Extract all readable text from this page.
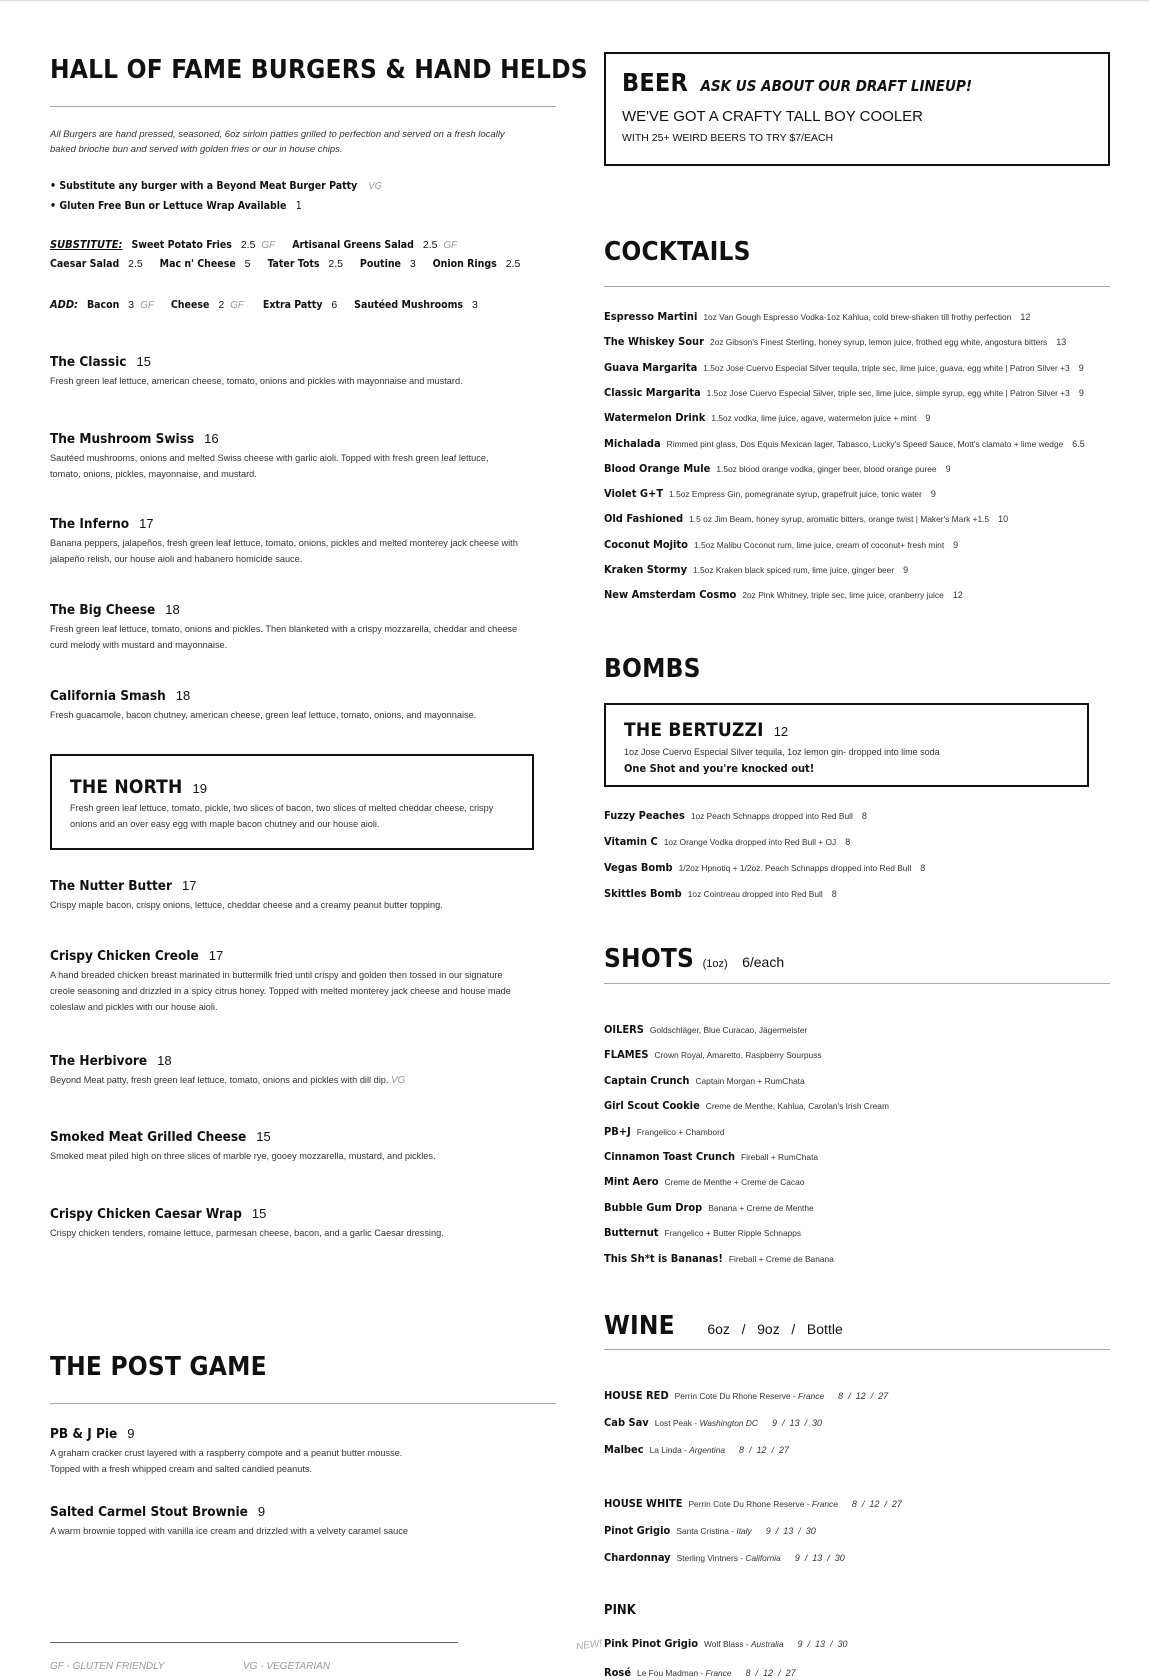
HALL OF FAME BURGERS & HAND HELDS
All Burgers are hand pressed, seasoned, 6oz sirloin patties grilled to perfection and served on a fresh locally baked brioche bun and served with golden fries or our in house chips.
• Substitute any burger with a Beyond Meat Burger Patty VG
• Gluten Free Bun or Lettuce Wrap Available 1
SUBSTITUTE: Sweet Potato Fries 2.5 GF Artisanal Greens Salad 2.5 GF
Caesar Salad 2.5 Mac n' Cheese 5 Tater Tots 2.5 Poutine 3 Onion Rings 2.5
ADD: Bacon 3 GF Cheese 2 GF Extra Patty 6 Sautéed Mushrooms 3
The Classic 15
Fresh green leaf lettuce, american cheese, tomato, onions and pickles with mayonnaise and mustard.
The Mushroom Swiss 16
Sautéed mushrooms, onions and melted Swiss cheese with garlic aioli. Topped with fresh green leaf lettuce, tomato, onions, pickles, mayonnaise, and mustard.
The Inferno 17
Banana peppers, jalapeños, fresh green leaf lettuce, tomato, onions, pickles and melted monterey jack cheese with jalapeño relish, our house aioli and habanero homicide sauce.
The Big Cheese 18
Fresh green leaf lettuce, tomato, onions and pickles. Then blanketed with a crispy mozzarella, cheddar and cheese curd melody with mustard and mayonnaise.
California Smash 18
Fresh guacamole, bacon chutney, american cheese, green leaf lettuce, tomato, onions, and mayonnaise.
THE NORTH 19
Fresh green leaf lettuce, tomato, pickle, two slices of bacon, two slices of melted cheddar cheese, crispy onions and an over easy egg with maple bacon chutney and our house aioli.
The Nutter Butter 17
Crispy maple bacon, crispy onions, lettuce, cheddar cheese and a creamy peanut butter topping.
Crispy Chicken Creole 17
A hand breaded chicken breast marinated in buttermilk fried until crispy and golden then tossed in our signature creole seasoning and drizzled in a spicy citrus honey. Topped with melted monterey jack cheese and house made coleslaw and pickles with our house aioli.
The Herbivore 18
Beyond Meat patty, fresh green leaf lettuce, tomato, onions and pickles with dill dip. VG
Smoked Meat Grilled Cheese 15
Smoked meat piled high on three slices of marble rye, gooey mozzarella, mustard, and pickles.
Crispy Chicken Caesar Wrap 15
Crispy chicken tenders, romaine lettuce, parmesan cheese, bacon, and a garlic Caesar dressing.
THE POST GAME
PB & J Pie 9
A graham cracker crust layered with a raspberry compote and a peanut butter mousse.
Topped with a fresh whipped cream and salted candied peanuts.
Salted Carmel Stout Brownie 9
A warm brownie topped with vanilla ice cream and drizzled with a velvety caramel sauce
GF - GLUTEN FRIENDLY	VG - VEGETARIAN
BEER ASK US ABOUT OUR DRAFT LINEUP!
WE'VE GOT A CRAFTY TALL BOY COOLER
WITH 25+ WEIRD BEERS TO TRY $7/EACH
COCKTAILS
Espresso Martini 1oz Van Gough Espresso Vodka-1oz Kahlua, cold brew-shaken till frothy perfection 12
The Whiskey Sour 2oz Gibson's Finest Sterling, honey syrup, lemon juice, frothed egg white, angostura bitters 13
Guava Margarita 1.5oz Jose Cuervo Especial Silver tequila, triple sec, lime juice, guava, egg white | Patron Silver +3 9
Classic Margarita 1.5oz Jose Cuervo Especial Silver, triple sec, lime juice, simple syrup, egg white | Patron Silver +3 9
Watermelon Drink 1.5oz vodka, lime juice, agave, watermelon juice + mint 9
Michalada Rimmed pint glass, Dos Equis Mexican lager, Tabasco, Lucky's Speed Sauce, Mott's clamato + lime wedge 6.5
Blood Orange Mule 1.5oz blood orange vodka, ginger beer, blood orange puree 9
Violet G+T 1.5oz Empress Gin, pomegranate syrup, grapefruit juice, tonic water 9
Old Fashioned 1.5 oz Jim Beam, honey syrup, aromatic bitters, orange twist | Maker's Mark +1.5 10
Coconut Mojito 1.5oz Malibu Coconut rum, lime juice, cream of coconut+ fresh mint 9
Kraken Stormy 1.5oz Kraken black spiced rum, lime juice, ginger beer 9
New Amsterdam Cosmo 2oz Pink Whitney, triple sec, lime juice, cranberry juice 12
BOMBS
THE BERTUZZI 12
1oz Jose Cuervo Especial Silver tequila, 1oz lemon gin- dropped into lime soda
One Shot and you're knocked out!
Fuzzy Peaches 1oz Peach Schnapps dropped into Red Bull 8
Vitamin C 1oz Orange Vodka dropped into Red Bull + OJ 8
Vegas Bomb 1/2oz Hpnotiq + 1/2oz. Peach Schnapps dropped into Red Bull 8
Skittles Bomb 1oz Cointreau dropped into Red Bull 8
SHOTS (1oz) 6/each
OILERS Goldschläger, Blue Curacao, Jägermeister
FLAMES Crown Royal, Amaretto, Raspberry Sourpuss
Captain Crunch Captain Morgan + RumChata
Girl Scout Cookie Creme de Menthe, Kahlua, Carolan's Irish Cream
PB+J Frangelico + Chambord
Cinnamon Toast Crunch Fireball + RumChata
Mint Aero Creme de Menthe + Creme de Cacao
Bubble Gum Drop Banana + Creme de Menthe
Butternut Frangelico + Butter Ripple Schnapps
This Sh*t is Bananas! Fireball + Creme de Banana
WINE 6oz   /   9oz   /   Bottle
HOUSE RED Perrin Cote Du Rhone Reserve - France 8  /  12  /  27
Cab Sav Lost Peak - Washington DC 9  /  13  /  30
Malbec La Linda - Argentina 8  /  12  /  27
HOUSE WHITE Perrin Cote Du Rhone Reserve - France 8  /  12  /  27
Pinot Grigio Santa Cristina - Italy 9  /  13  /  30
Chardonnay Sterling Vintners - California 9  /  13  /  30
Pink Pinot Grigio Wolf Blass - Australia 9  /  13  /  30
Rosé Le Fou Madman - France 8  /  12  /  27
PINK
NEW!
